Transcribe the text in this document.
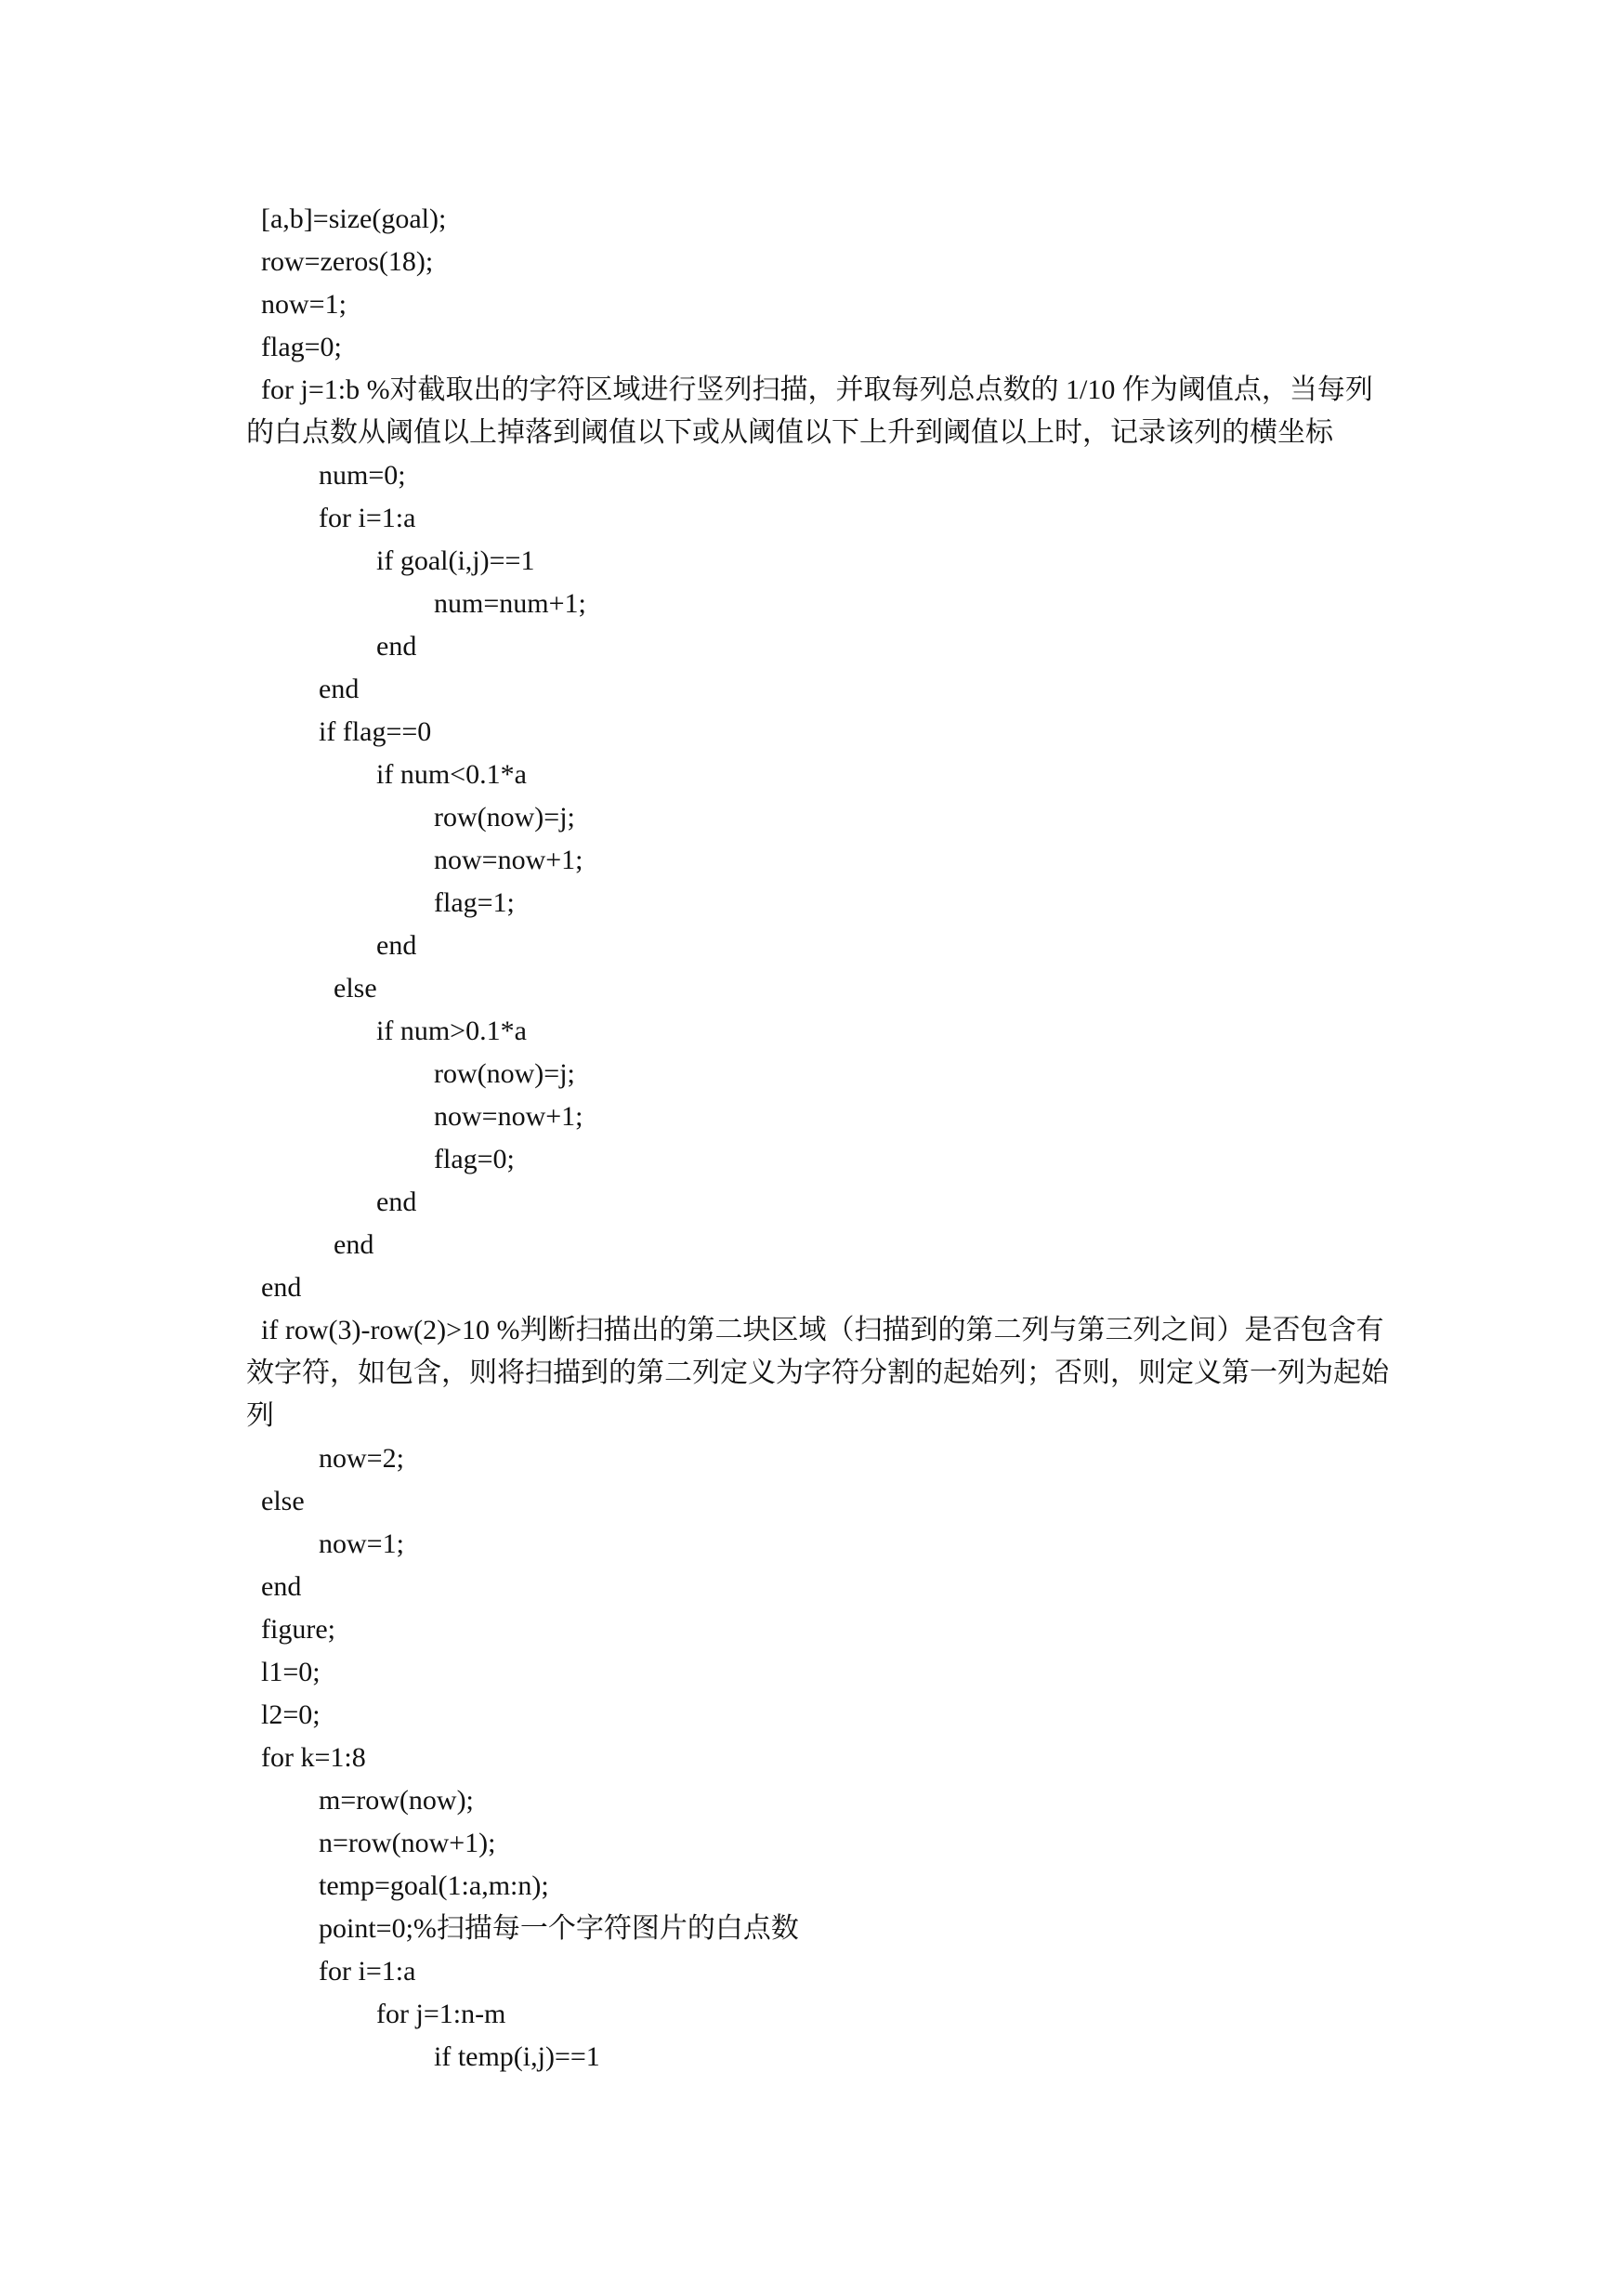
[a,b]=size(goal);
row=zeros(18);
now=1;
flag=0;
for j=1:b %对截取出的字符区域进行竖列扫描，并取每列总点数的 1/10 作为阈值点，当每列的白点数从阈值以上掉落到阈值以下或从阈值以下上升到阈值以上时，记录该列的横坐标
num=0;
for i=1:a
if goal(i,j)==1
num=num+1;
end
end
if flag==0
if num<0.1*a
row(now)=j;
now=now+1;
flag=1;
end
else
if num>0.1*a
row(now)=j;
now=now+1;
flag=0;
end
end
end
if row(3)-row(2)>10 %判断扫描出的第二块区域（扫描到的第二列与第三列之间）是否包含有效字符，如包含，则将扫描到的第二列定义为字符分割的起始列；否则，则定义第一列为起始列
now=2;
else
now=1;
end
figure;
l1=0;
l2=0;
for k=1:8
m=row(now);
n=row(now+1);
temp=goal(1:a,m:n);
point=0;%扫描每一个字符图片的白点数
for i=1:a
for j=1:n-m
if temp(i,j)==1
